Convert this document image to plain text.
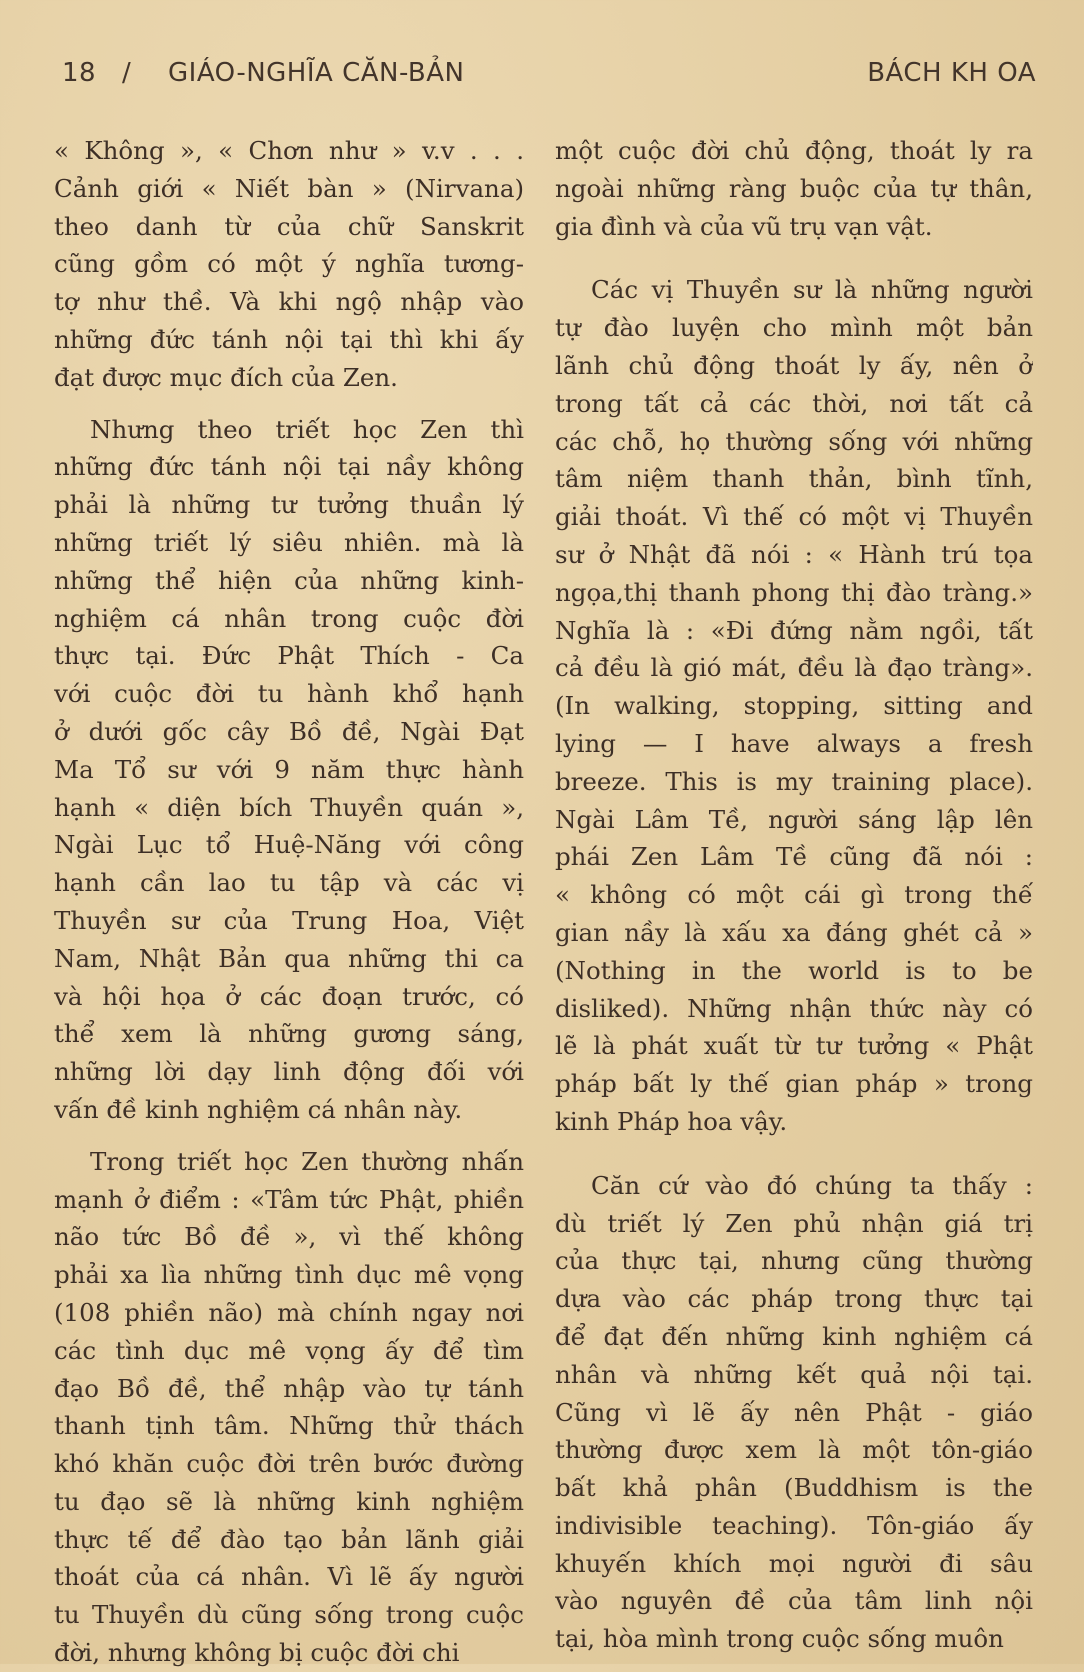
18 / GIÁO-NGHĨA CĂN-BẢN	BÁCH KH OA
« Không », « Chơn như » v.v . . .
Cảnh giới « Niết bàn » (Nirvana)
theo danh từ của chữ Sanskrit
cũng gồm có một ý nghĩa tương-
tợ như thề. Và khi ngộ nhập vào
những đức tánh nội tại thì khi ấy
đạt được mục đích của Zen.
Nhưng theo triết học Zen thì
những đức tánh nội tại nầy không
phải là những tư tưởng thuần lý
những triết lý siêu nhiên. mà là
những thể hiện của những kinh-
nghiệm cá nhân trong cuộc đời
thực tại. Đức Phật Thích - Ca
với cuộc đời tu hành khổ hạnh
ở dưới gốc cây Bồ đề, Ngài Đạt
Ma Tổ sư với 9 năm thực hành
hạnh « diện bích Thuyền quán »,
Ngài Lục tổ Huệ-Năng với công
hạnh cần lao tu tập và các vị
Thuyền sư của Trung Hoa, Việt
Nam, Nhật Bản qua những thi ca
và hội họa ở các đoạn trước, có
thể xem là những gương sáng,
những lời dạy linh động đối với
vấn đề kinh nghiệm cá nhân này.
Trong triết học Zen thường nhấn
mạnh ở điểm : «Tâm tức Phật, phiền
não tức Bồ đề », vì thế không
phải xa lìa những tình dục mê vọng
(108 phiền não) mà chính ngay nơi
các tình dục mê vọng ấy để tìm
đạo Bồ đề, thể nhập vào tự tánh
thanh tịnh tâm. Những thử thách
khó khăn cuộc đời trên bước đường
tu đạo sẽ là những kinh nghiệm
thực tế để đào tạo bản lãnh giải
thoát của cá nhân. Vì lẽ ấy người
tu Thuyền dù cũng sống trong cuộc
đời, nhưng không bị cuộc đời chi
một cuộc đời chủ động, thoát ly ra
ngoài những ràng buộc của tự thân,
gia đình và của vũ trụ vạn vật.
Các vị Thuyền sư là những người
tự đào luyện cho mình một bản
lãnh chủ động thoát ly ấy, nên ở
trong tất cả các thời, nơi tất cả
các chỗ, họ thường sống với những
tâm niệm thanh thản, bình tĩnh,
giải thoát. Vì thế có một vị Thuyền
sư ở Nhật đã nói : « Hành trú tọa
ngọa,thị thanh phong thị đào tràng.»
Nghĩa là : «Đi đứng nằm ngồi, tất
cả đều là gió mát, đều là đạo tràng».
(In walking, stopping, sitting and
lying — I have always a fresh
breeze. This is my training place).
Ngài Lâm Tề, người sáng lập lên
phái Zen Lâm Tề cũng đã nói :
« không có một cái gì trong thế
gian nầy là xấu xa đáng ghét cả »
(Nothing in the world is to be
disliked). Những nhận thức này có
lẽ là phát xuất từ tư tưởng « Phật
pháp bất ly thế gian pháp » trong
kinh Pháp hoa vậy.
Căn cứ vào đó chúng ta thấy :
dù triết lý Zen phủ nhận giá trị
của thực tại, nhưng cũng thường
dựa vào các pháp trong thực tại
để đạt đến những kinh nghiệm cá
nhân và những kết quả nội tại.
Cũng vì lẽ ấy nên Phật - giáo
thường được xem là một tôn-giáo
bất khả phân (Buddhism is the
indivisible teaching). Tôn-giáo ấy
khuyến khích mọi người đi sâu
vào nguyên đề của tâm linh nội
tại, hòa mình trong cuộc sống muôn
